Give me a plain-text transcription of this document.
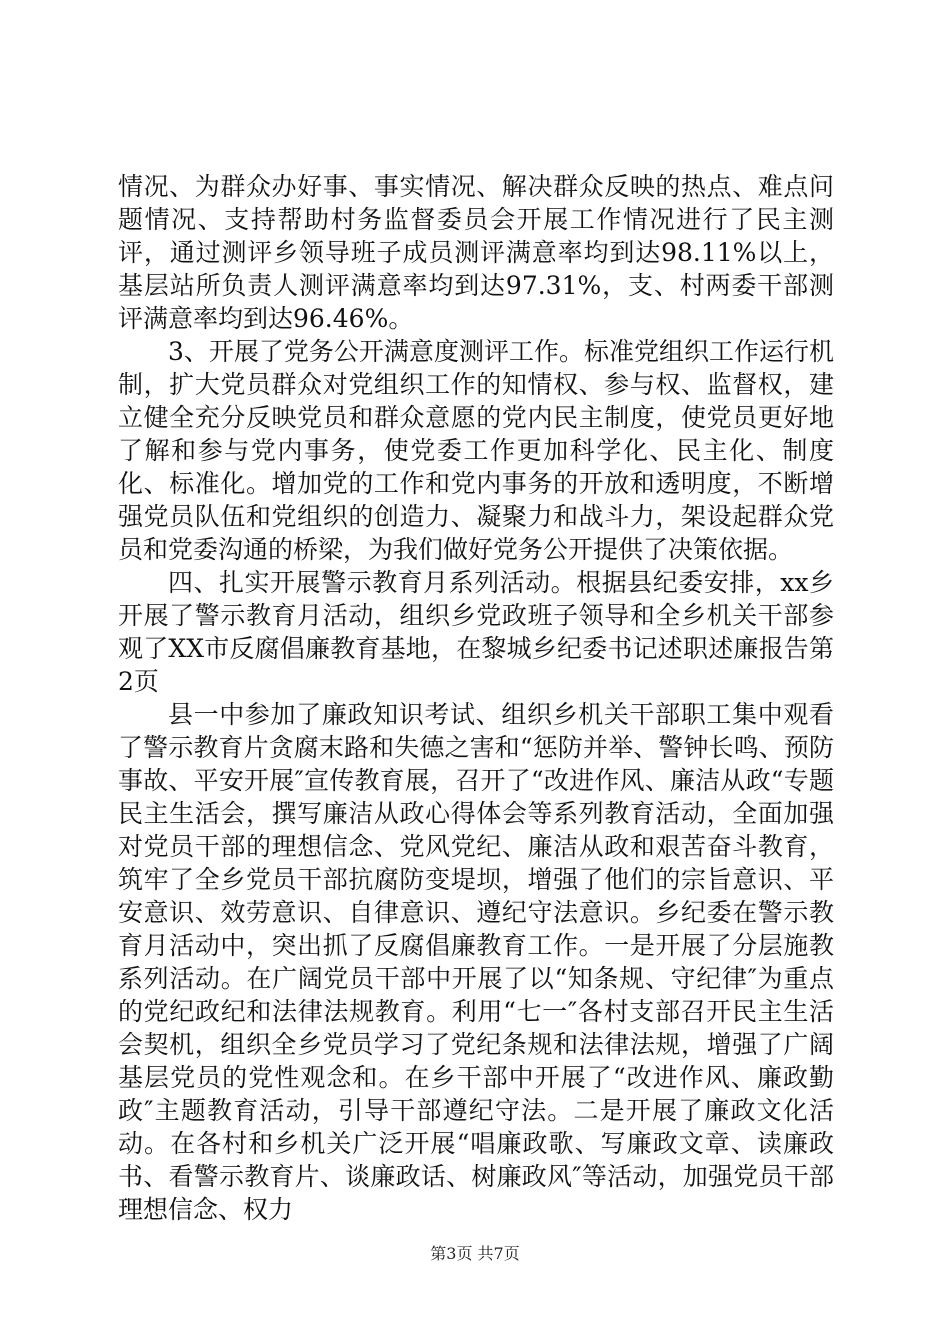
情况、为群众办好事、事实情况、解决群众反映的热点、难点问题情况、支持帮助村务监督委员会开展工作情况进行了民主测评，通过测评乡领导班子成员测评满意率均到达98.11%以上，基层站所负责人测评满意率均到达97.31%，支、村两委干部测评满意率均到达96.46%。

3、开展了党务公开满意度测评工作。标准党组织工作运行机制，扩大党员群众对党组织工作的知情权、参与权、监督权，建立健全充分反映党员和群众意愿的党内民主制度，使党员更好地了解和参与党内事务，使党委工作更加科学化、民主化、制度化、标准化。增加党的工作和党内事务的开放和透明度，不断增强党员队伍和党组织的创造力、凝聚力和战斗力，架设起群众党员和党委沟通的桥梁，为我们做好党务公开提供了决策依据。

四、扎实开展警示教育月系列活动。根据县纪委安排，xx乡开展了警示教育月活动，组织乡党政班子领导和全乡机关干部参观了XX市反腐倡廉教育基地，在黎城乡纪委书记述职述廉报告第2页

县一中参加了廉政知识考试、组织乡机关干部职工集中观看了警示教育片贪腐末路和失德之害和“惩防并举、警钟长鸣、预防事故、平安开展″宣传教育展，召开了“改进作风、廉洁从政“专题民主生活会，撰写廉洁从政心得体会等系列教育活动，全面加强对党员干部的理想信念、党风党纪、廉洁从政和艰苦奋斗教育，筑牢了全乡党员干部抗腐防变堤坝，增强了他们的宗旨意识、平安意识、效劳意识、自律意识、遵纪守法意识。乡纪委在警示教育月活动中，突出抓了反腐倡廉教育工作。一是开展了分层施教系列活动。在广阔党员干部中开展了以“知条规、守纪律″为重点的党纪政纪和法律法规教育。利用“七一″各村支部召开民主生活会契机，组织全乡党员学习了党纪条规和法律法规，增强了广阔基层党员的党性观念和。在乡干部中开展了“改进作风、廉政勤政″主题教育活动，引导干部遵纪守法。二是开展了廉政文化活动。在各村和乡机关广泛开展“唱廉政歌、写廉政文章、读廉政书、看警示教育片、谈廉政话、树廉政风″等活动，加强党员干部理想信念、权力

第3页 共7页
